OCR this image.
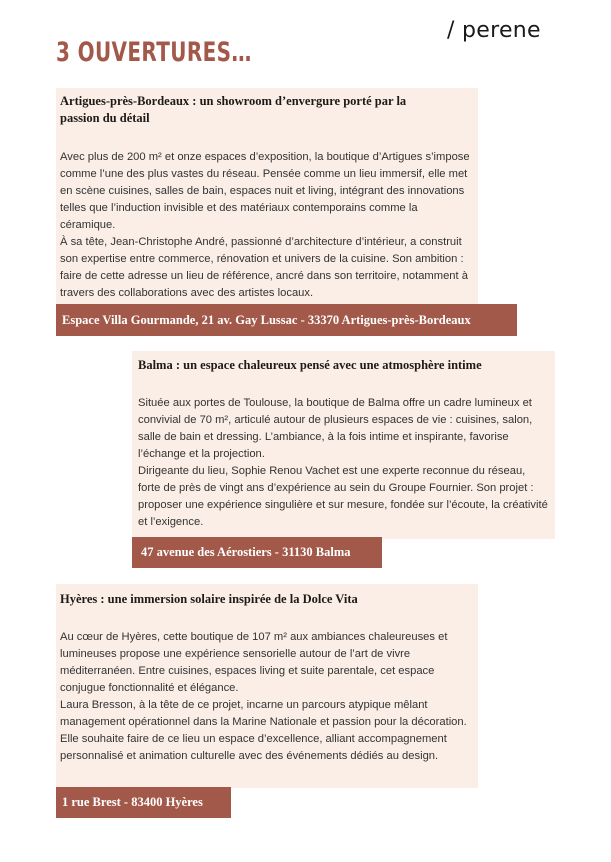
3 OUVERTURES…
/ perene
Artigues-près-Bordeaux : un showroom d’envergure porté par la passion du détail

Avec plus de 200 m² et onze espaces d’exposition, la boutique d’Artigues s’impose comme l’une des plus vastes du réseau. Pensée comme un lieu immersif, elle met en scène cuisines, salles de bain, espaces nuit et living, intégrant des innovations telles que l’induction invisible et des matériaux contemporains comme la céramique.

À sa tête, Jean-Christophe André, passionné d’architecture d’intérieur, a construit son expertise entre commerce, rénovation et univers de la cuisine. Son ambition : faire de cette adresse un lieu de référence, ancré dans son territoire, notamment à travers des collaborations avec des artistes locaux.

Espace Villa Gourmande, 21 av. Gay Lussac - 33370 Artigues-près-Bordeaux
Balma : un espace chaleureux pensé avec une atmosphère intime

Située aux portes de Toulouse, la boutique de Balma offre un cadre lumineux et convivial de 70 m², articulé autour de plusieurs espaces de vie : cuisines, salon, salle de bain et dressing. L’ambiance, à la fois intime et inspirante, favorise l’échange et la projection.

Dirigeante du lieu, Sophie Renou Vachet est une experte reconnue du réseau, forte de près de vingt ans d’expérience au sein du Groupe Fournier. Son projet : proposer une expérience singulière et sur mesure, fondée sur l’écoute, la créativité et l’exigence.

47 avenue des Aérostiers - 31130 Balma
Hyères : une immersion solaire inspirée de la Dolce Vita

Au cœur de Hyères, cette boutique de 107 m² aux ambiances chaleureuses et lumineuses propose une expérience sensorielle autour de l’art de vivre méditerranéen. Entre cuisines, espaces living et suite parentale, cet espace conjugue fonctionnalité et élégance.

Laura Bresson, à la tête de ce projet, incarne un parcours atypique mêlant management opérationnel dans la Marine Nationale et passion pour la décoration. Elle souhaite faire de ce lieu un espace d’excellence, alliant accompagnement personnalisé et animation culturelle avec des événements dédiés au design.

1 rue Brest - 83400 Hyères
